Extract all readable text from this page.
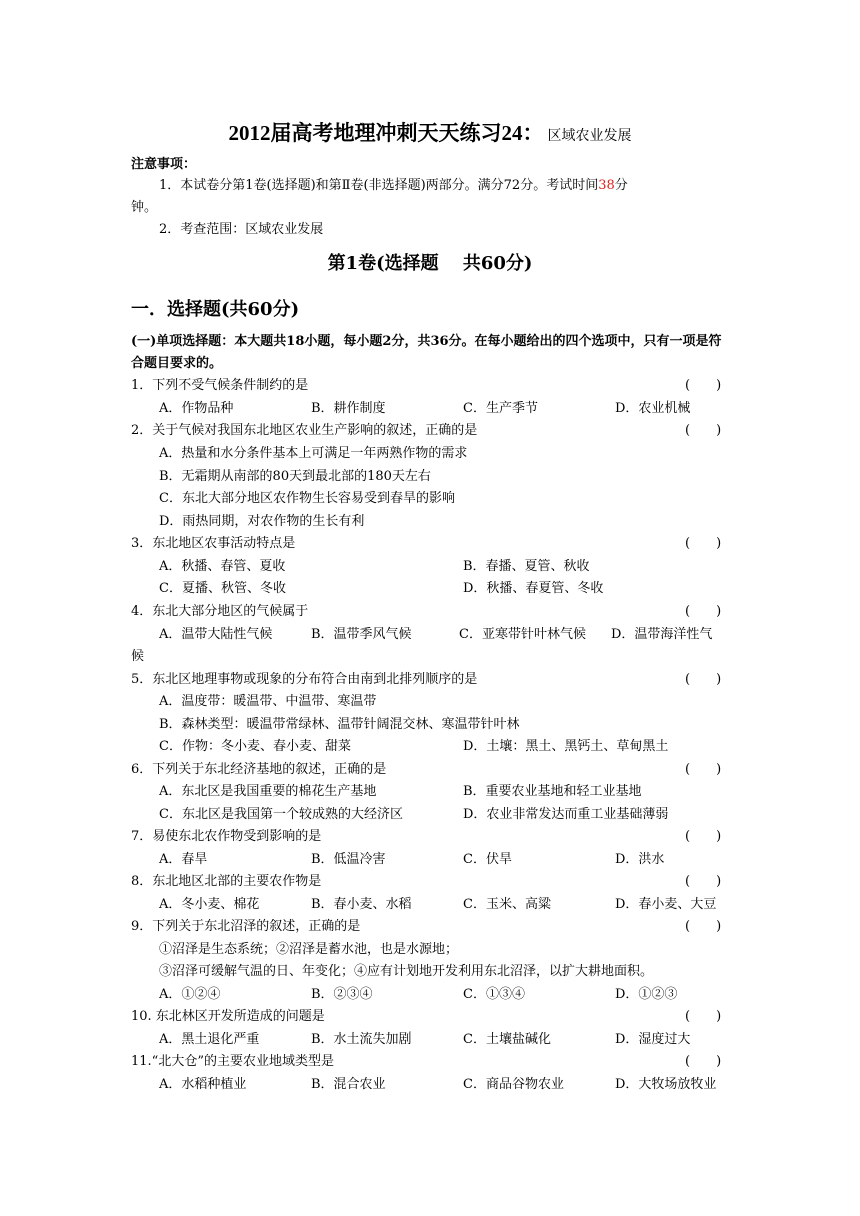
2012届高考地理冲刺天天练习24： 区域农业发展
注意事项：
1．本试卷分第1卷(选择题)和第Ⅱ卷(非选择题)两部分。满分72分。考试时间38分
钟。
2．考查范围：区域农业发展
第1卷(选择题　 共60分)
一．选择题(共60分)
(一)单项选择题：本大题共18小题，每小题2分，共36分。在每小题给出的四个选项中，只有一项是符合题目要求的。
1．下列不受气候条件制约的是	(　　)
A．作物品种	B．耕作制度	C．生产季节	D．农业机械
2．关于气候对我国东北地区农业生产影响的叙述，正确的是	(　　)
A．热量和水分条件基本上可满足一年两熟作物的需求
B．无霜期从南部的80天到最北部的180天左右
C．东北大部分地区农作物生长容易受到春旱的影响
D．雨热同期，对农作物的生长有利
3．东北地区农事活动特点是	(　　)
A．秋播、春管、夏收	B．春播、夏管、秋收
C．夏播、秋管、冬收	D．秋播、春夏管、冬收
4．东北大部分地区的气候属于	(　　)
A．温带大陆性气候	B．温带季风气候	C．亚寒带针叶林气候 D．温带海洋性气
候
5．东北区地理事物或现象的分布符合由南到北排列顺序的是	(　　)
A．温度带：暖温带、中温带、寒温带
B．森林类型：暖温带常绿林、温带针阔混交林、寒温带针叶林
C．作物：冬小麦、春小麦、甜菜	D．土壤：黑土、黑钙土、草甸黑土
6．下列关于东北经济基地的叙述，正确的是	(　　)
A．东北区是我国重要的棉花生产基地	B．重要农业基地和轻工业基地
C．东北区是我国第一个较成熟的大经济区	D．农业非常发达而重工业基础薄弱
7．易使东北农作物受到影响的是	(　　)
A．春旱	B．低温冷害	C．伏旱	D．洪水
8．东北地区北部的主要农作物是	(　　)
A．冬小麦、棉花	B．春小麦、水稻	C．玉米、高粱	D．春小麦、大豆
9．下列关于东北沼泽的叙述，正确的是	(　　)
①沼泽是生态系统；②沼泽是蓄水池，也是水源地；
③沼泽可缓解气温的日、年变化；④应有计划地开发利用东北沼泽，以扩大耕地面积。
A．①②④	B．②③④	C．①③④	D．①②③
10. 东北林区开发所造成的问题是	(　　)
A．黑土退化严重	B．水土流失加剧	C．土壤盐碱化	D．湿度过大
11.“北大仓”的主要农业地域类型是	(　　)
A．水稻种植业	B．混合农业	C．商品谷物农业	D．大牧场放牧业
